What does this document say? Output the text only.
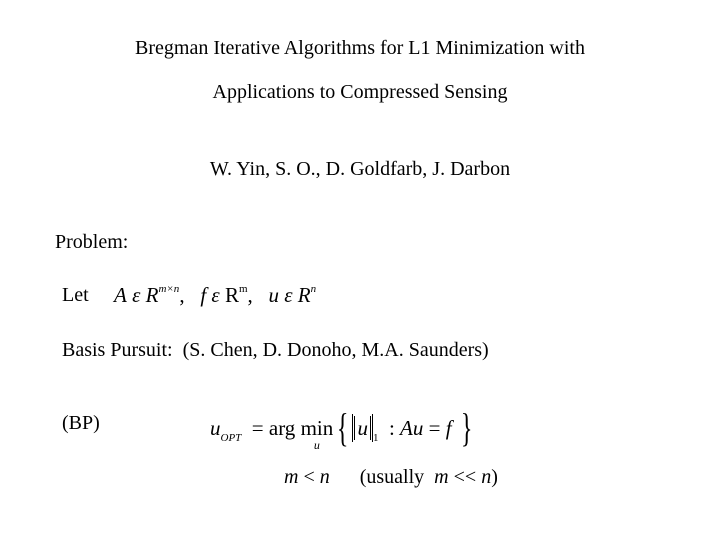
Bregman Iterative Algorithms for L1 Minimization with
Applications to Compressed Sensing
W. Yin, S. O., D. Goldfarb, J. Darbon
Problem:
Let A ε $R^{m\times n}$, f ε $R^m$, u ε $R^n$
Basis Pursuit:  (S. Chen, D. Donoho, M.A. Saunders)
(BP)	$u_{OPT}$ = arg min
u { u $_1$ : Au = f }
m < n (usually m << n)
